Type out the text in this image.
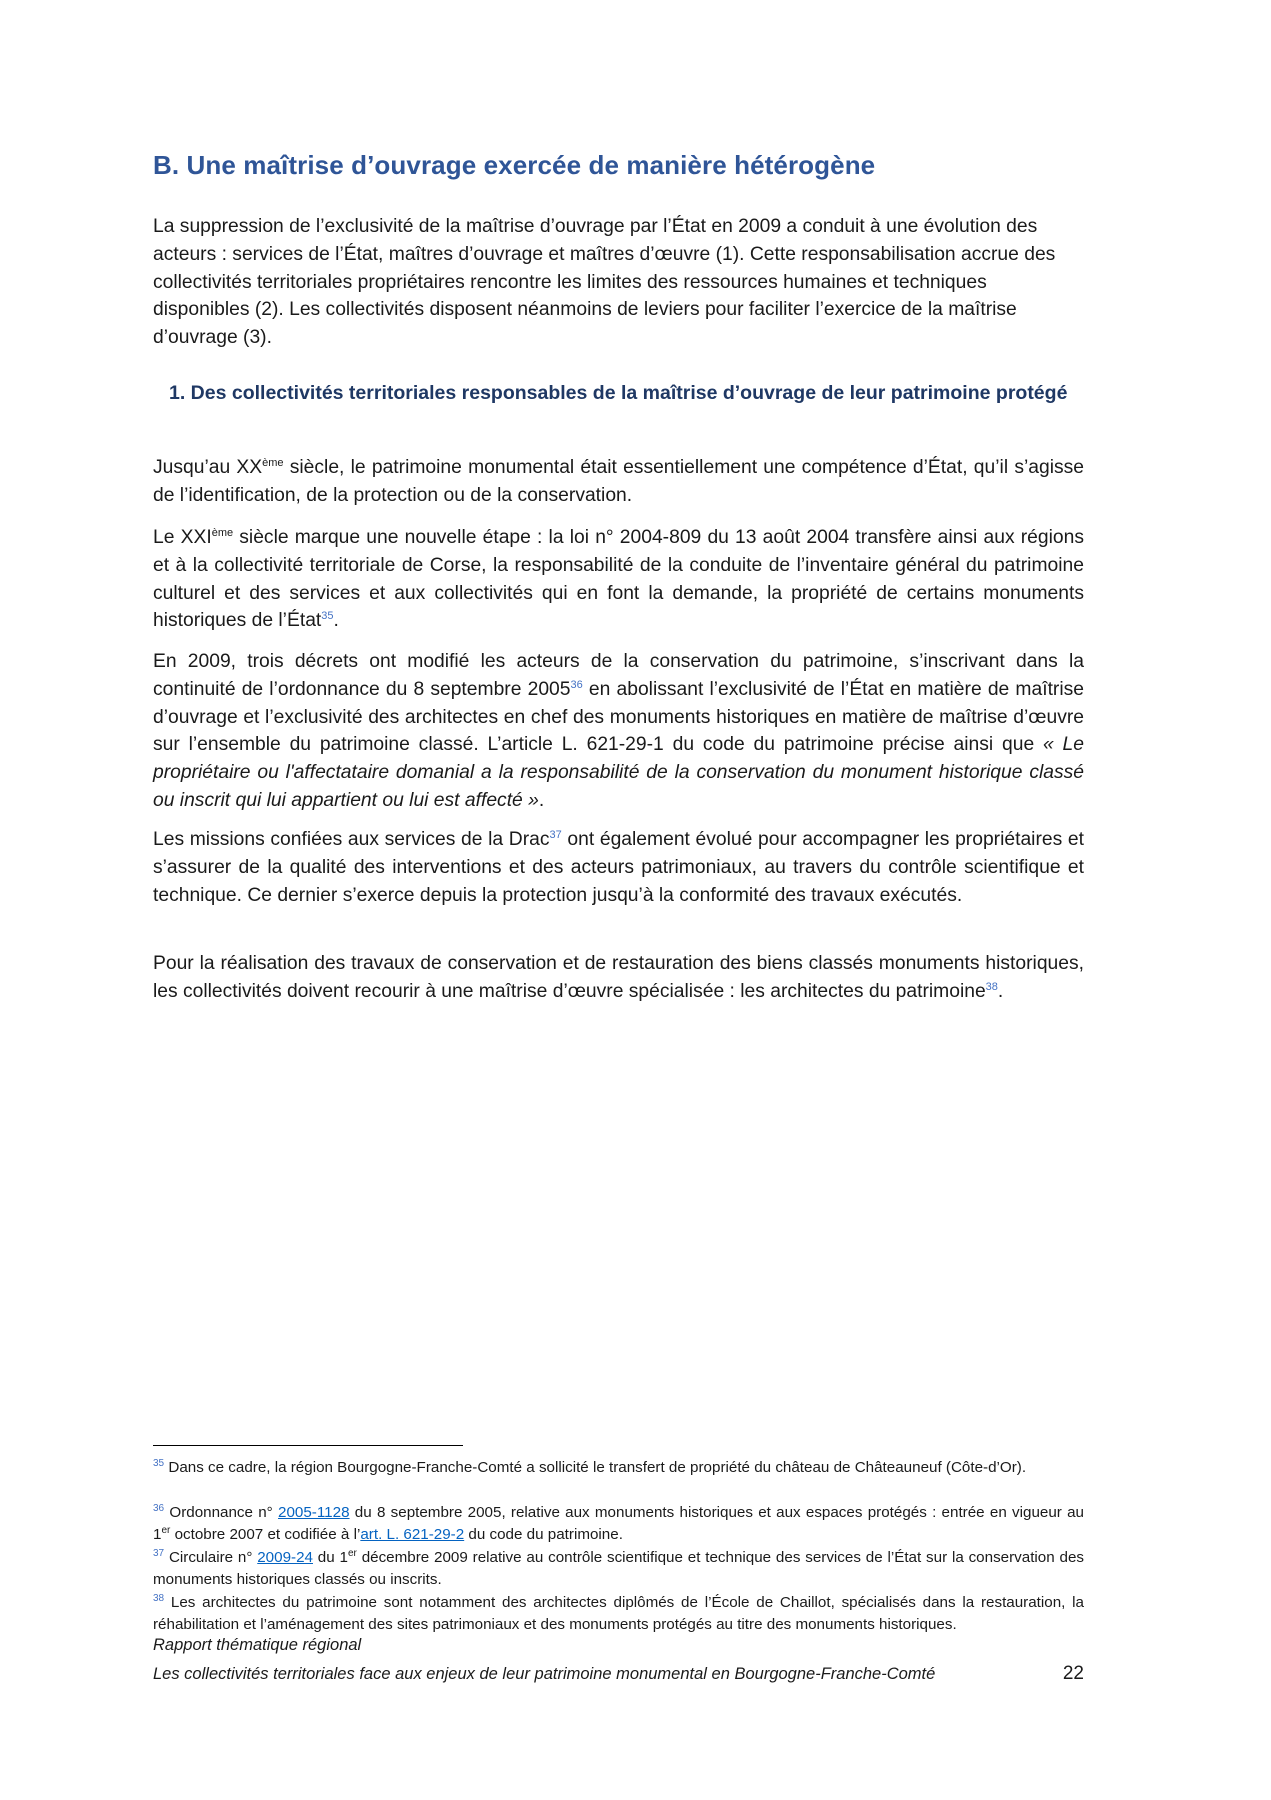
B. Une maîtrise d’ouvrage exercée de manière hétérogène

La suppression de l’exclusivité de la maîtrise d’ouvrage par l’État en 2009 a conduit à une évolution des acteurs : services de l’État, maîtres d’ouvrage et maîtres d’œuvre (1). Cette responsabilisation accrue des collectivités territoriales propriétaires rencontre les limites des ressources humaines et techniques disponibles (2). Les collectivités disposent néanmoins de leviers pour faciliter l’exercice de la maîtrise d’ouvrage (3).

1. Des collectivités territoriales responsables de la maîtrise d’ouvrage de leur patrimoine protégé

Jusqu’au XXème siècle, le patrimoine monumental était essentiellement une compétence d’État, qu’il s’agisse de l’identification, de la protection ou de la conservation.

Le XXIème siècle marque une nouvelle étape : la loi n° 2004-809 du 13 août 2004 transfère ainsi aux régions et à la collectivité territoriale de Corse, la responsabilité de la conduite de l’inventaire général du patrimoine culturel et des services et aux collectivités qui en font la demande, la propriété de certains monuments historiques de l’État$^{35}$.

En 2009, trois décrets ont modifié les acteurs de la conservation du patrimoine, s’inscrivant dans la continuité de l’ordonnance du 8 septembre 2005$^{36}$ en abolissant l’exclusivité de l’État en matière de maîtrise d’ouvrage et l’exclusivité des architectes en chef des monuments historiques en matière de maîtrise d’œuvre sur l’ensemble du patrimoine classé. L’article L. 621-29-1 du code du patrimoine précise ainsi que « Le propriétaire ou l'affectataire domanial a la responsabilité de la conservation du monument historique classé ou inscrit qui lui appartient ou lui est affecté ».

Les missions confiées aux services de la Drac$^{37}$ ont également évolué pour accompagner les propriétaires et s’assurer de la qualité des interventions et des acteurs patrimoniaux, au travers du contrôle scientifique et technique. Ce dernier s’exerce depuis la protection jusqu’à la conformité des travaux exécutés.

Pour la réalisation des travaux de conservation et de restauration des biens classés monuments historiques, les collectivités doivent recourir à une maîtrise d’œuvre spécialisée : les architectes du patrimoine$^{38}$.

$^{35}$ Dans ce cadre, la région Bourgogne-Franche-Comté a sollicité le transfert de propriété du château de Châteauneuf (Côte-d’Or).

$^{36}$ Ordonnance n° 2005-1128 du 8 septembre 2005, relative aux monuments historiques et aux espaces protégés : entrée en vigueur au 1er octobre 2007 et codifiée à l’art. L. 621-29-2 du code du patrimoine.

$^{37}$ Circulaire n° 2009-24 du 1er décembre 2009 relative au contrôle scientifique et technique des services de l’État sur la conservation des monuments historiques classés ou inscrits.

$^{38}$ Les architectes du patrimoine sont notamment des architectes diplômés de l’École de Chaillot, spécialisés dans la restauration, la réhabilitation et l’aménagement des sites patrimoniaux et des monuments protégés au titre des monuments historiques.

Rapport thématique régional

Les collectivités territoriales face aux enjeux de leur patrimoine monumental en Bourgogne-Franche-Comté	22
